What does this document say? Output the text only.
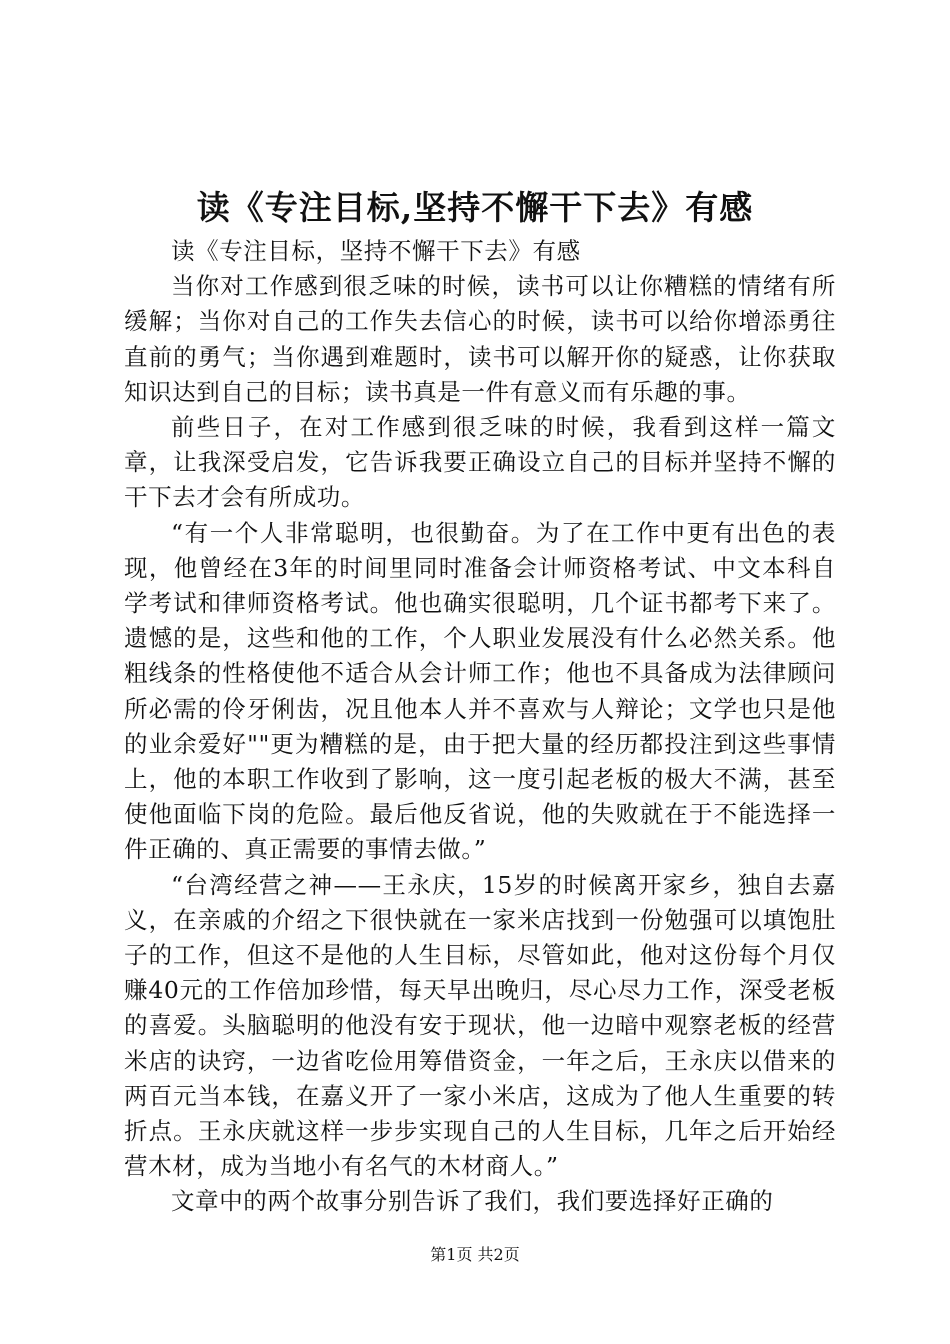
读《专注目标,坚持不懈干下去》有感

读《专注目标，坚持不懈干下去》有感

当你对工作感到很乏味的时候，读书可以让你糟糕的情绪有所缓解；当你对自己的工作失去信心的时候，读书可以给你增添勇往直前的勇气；当你遇到难题时，读书可以解开你的疑惑，让你获取知识达到自己的目标；读书真是一件有意义而有乐趣的事。

前些日子，在对工作感到很乏味的时候，我看到这样一篇文章，让我深受启发，它告诉我要正确设立自己的目标并坚持不懈的干下去才会有所成功。

“有一个人非常聪明，也很勤奋。为了在工作中更有出色的表现，他曾经在3年的时间里同时准备会计师资格考试、中文本科自学考试和律师资格考试。他也确实很聪明，几个证书都考下来了。遗憾的是，这些和他的工作，个人职业发展没有什么必然关系。他粗线条的性格使他不适合从会计师工作；他也不具备成为法律顾问所必需的伶牙俐齿，况且他本人并不喜欢与人辩论；文学也只是他的业余爱好""更为糟糕的是，由于把大量的经历都投注到这些事情上，他的本职工作收到了影响，这一度引起老板的极大不满，甚至使他面临下岗的危险。最后他反省说，他的失败就在于不能选择一件正确的、真正需要的事情去做。”

“台湾经营之神——王永庆，15岁的时候离开家乡，独自去嘉义，在亲戚的介绍之下很快就在一家米店找到一份勉强可以填饱肚子的工作，但这不是他的人生目标，尽管如此，他对这份每个月仅赚40元的工作倍加珍惜，每天早出晚归，尽心尽力工作，深受老板的喜爱。头脑聪明的他没有安于现状，他一边暗中观察老板的经营米店的诀窍，一边省吃俭用筹借资金，一年之后，王永庆以借来的两百元当本钱，在嘉义开了一家小米店，这成为了他人生重要的转折点。王永庆就这样一步步实现自己的人生目标，几年之后开始经营木材，成为当地小有名气的木材商人。”

文章中的两个故事分别告诉了我们，我们要选择好正确的

第1页 共2页
